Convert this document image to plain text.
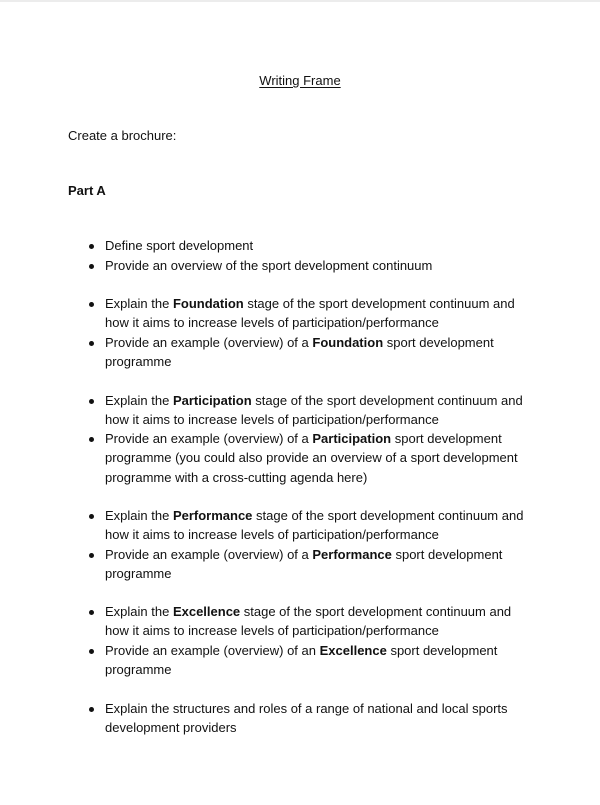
Writing Frame
Create a brochure:
Part A
Define sport development
Provide an overview of the sport development continuum
Explain the Foundation stage of the sport development continuum and
how it aims to increase levels of participation/performance
Provide an example (overview) of a Foundation sport development
programme
Explain the Participation stage of the sport development continuum and
how it aims to increase levels of participation/performance
Provide an example (overview) of a Participation sport development
programme (you could also provide an overview of a sport development
programme with a cross-cutting agenda here)
Explain the Performance stage of the sport development continuum and
how it aims to increase levels of participation/performance
Provide an example (overview) of a Performance sport development
programme
Explain the Excellence stage of the sport development continuum and
how it aims to increase levels of participation/performance
Provide an example (overview) of an Excellence sport development
programme
Explain the structures and roles of a range of national and local sports
development providers
